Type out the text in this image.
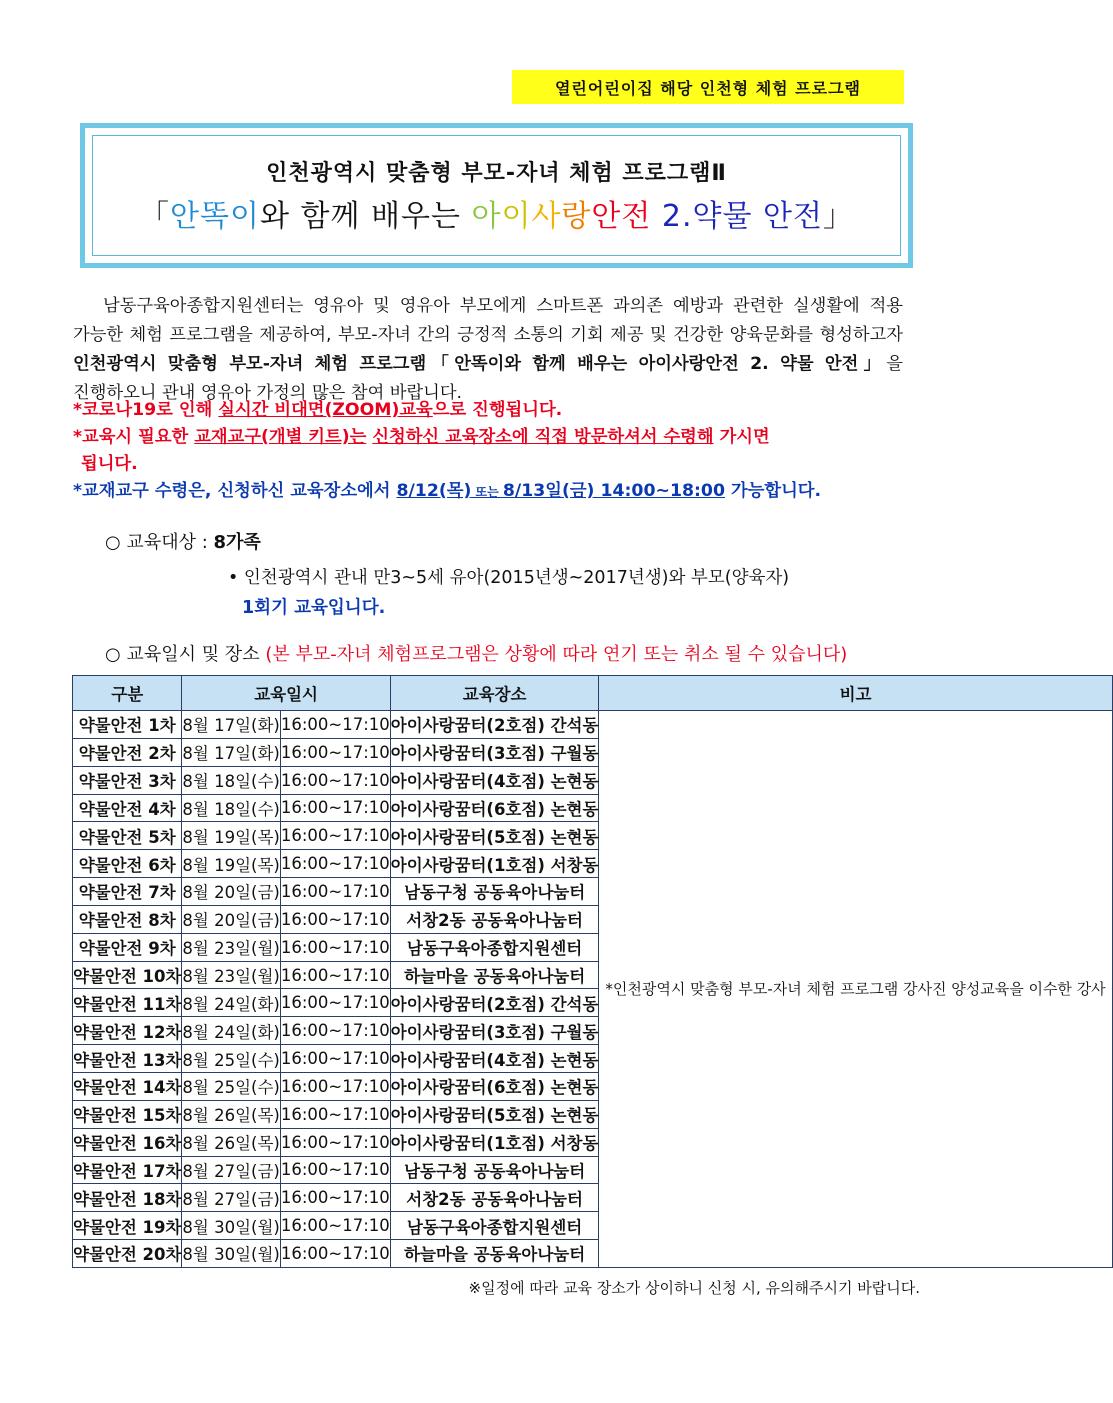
열린어린이집 해당 인천형 체험 프로그램
인천광역시 맞춤형 부모-자녀 체험 프로그램Ⅱ
「안똑이와 함께 배우는 아이사랑안전 2.약물 안전」
남동구육아종합지원센터는 영유아 및 영유아 부모에게 스마트폰 과의존 예방과 관련한 실생활에 적용 가능한 체험 프로그램을 제공하여, 부모-자녀 간의 긍정적 소통의 기회 제공 및 건강한 양육문화를 형성하고자 인천광역시 맞춤형 부모-자녀 체험 프로그램「안똑이와 함께 배우는 아이사랑안전 2. 약물 안전」을 진행하오니 관내 영유아 가정의 많은 참여 바랍니다.
*코로나19로 인해 실시간 비대면(ZOOM)교육으로 진행됩니다.
*교육시 필요한 교재교구(개별 키트)는 신청하신 교육장소에 직접 방문하셔서 수령해 가시면
됩니다.
*교재교구 수령은, 신청하신 교육장소에서 8/12(목) 또는 8/13일(금) 14:00~18:00 가능합니다.
○ 교육대상 : 8가족
• 인천광역시 관내 만3~5세 유아(2015년생~2017년생)와 부모(양육자)
1회기 교육입니다.
○ 교육일시 및 장소 (본 부모-자녀 체험프로그램은 상황에 따라 연기 또는 취소 될 수 있습니다)
구분	교육일시		교육장소	비고
약물안전 1차	8월 17일(화)	16:00~17:10	아이사랑꿈터(2호점) 간석동	*인천광역시 맞춤형 부모-자녀 체험 프로그램 강사진 양성교육을 이수한 강사
약물안전 2차	8월 17일(화)	16:00~17:10	아이사랑꿈터(3호점) 구월동	
약물안전 3차	8월 18일(수)	16:00~17:10	아이사랑꿈터(4호점) 논현동	
약물안전 4차	8월 18일(수)	16:00~17:10	아이사랑꿈터(6호점) 논현동	
약물안전 5차	8월 19일(목)	16:00~17:10	아이사랑꿈터(5호점) 논현동	
약물안전 6차	8월 19일(목)	16:00~17:10	아이사랑꿈터(1호점) 서창동	
약물안전 7차	8월 20일(금)	16:00~17:10	남동구청 공동육아나눔터	
약물안전 8차	8월 20일(금)	16:00~17:10	서창2동 공동육아나눔터	
약물안전 9차	8월 23일(월)	16:00~17:10	남동구육아종합지원센터	
약물안전 10차	8월 23일(월)	16:00~17:10	하늘마을 공동육아나눔터	
약물안전 11차	8월 24일(화)	16:00~17:10	아이사랑꿈터(2호점) 간석동	
약물안전 12차	8월 24일(화)	16:00~17:10	아이사랑꿈터(3호점) 구월동	
약물안전 13차	8월 25일(수)	16:00~17:10	아이사랑꿈터(4호점) 논현동	
약물안전 14차	8월 25일(수)	16:00~17:10	아이사랑꿈터(6호점) 논현동	
약물안전 15차	8월 26일(목)	16:00~17:10	아이사랑꿈터(5호점) 논현동	
약물안전 16차	8월 26일(목)	16:00~17:10	아이사랑꿈터(1호점) 서창동	
약물안전 17차	8월 27일(금)	16:00~17:10	남동구청 공동육아나눔터	
약물안전 18차	8월 27일(금)	16:00~17:10	서창2동 공동육아나눔터	
약물안전 19차	8월 30일(월)	16:00~17:10	남동구육아종합지원센터	
약물안전 20차	8월 30일(월)	16:00~17:10	하늘마을 공동육아나눔터	
※일정에 따라 교육 장소가 상이하니 신청 시, 유의해주시기 바랍니다.
